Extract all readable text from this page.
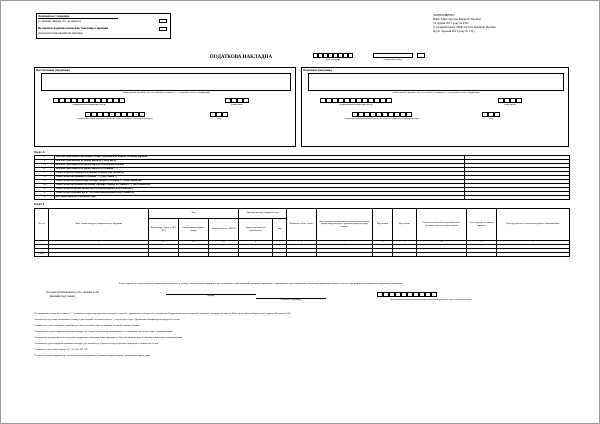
Залишається у продавця
(з ознаками «видана» або «не видана»)
Не підлягає наданню отримувачу (покупцю) з причини
(зазначається відповідний тип причини)
ЗАТВЕРДЖЕНО
Наказ Міністерства фінансів України
31 грудня 2015 року № 1307
(у редакції наказу Міністерства фінансів України
від 01 березня 2021 року № 131)
ПОДАТКОВА НАКЛАДНА	(дата складання)
/
(порядковий номер)
Постачальник (продавець)
(найменування; прізвище, ім'я, по батькові (за наявності) — для фізичної особи - підприємця)
(індивідуальний податковий номер)	(номер філії)
(податковий номер платника податку або серія (за наявності) та номер паспорта)	(код)
Отримувач (покупець)
(найменування; прізвище, ім'я, по батькові (за наявності) — для фізичної особи - підприємця)
(індивідуальний податковий номер)	(номер філії)
(податковий номер платника податку або серія (за наявності) та номер паспорта)	(код)
Розділ А
I	Загальна сума коштів, що підлягає сплаті з урахуванням податку на додану вартість	
II	Загальна сума податку на додану вартість, у тому числі:	
III	загальна сума податку на додану вартість за основною ставкою	
IV	загальна сума податку на додану вартість за ставкою 7 %	
V	Усього обсяги постачання за основною ставкою (код ставки 20)	
VI	Усього обсяги постачання за ставкою 7 % (код ставки 7)	
VII	Усього обсяги постачання при експорті товарів за ставкою 0 % (код ставки 901)	
VIII	Усього обсяги постачання на митній території України за ставкою 0 % (код ставки 902)	
IX	Усього обсяги операцій, звільнених від оподаткування (код ставки 903)	
X	Усього обсяги операцій, що не є об'єктом оподаткування (код ставки 902)	
XI	Дані щодо зворотної (заставної) тари	
Розділ Б
№ з/п	Опис (номенклатура) товарів/послуг продавця	Код			Одиниця виміру товару/послуги		Кількість (об'єм, обсяг)	Ціна постачання одиниці товару/послуги або ціна постачання одиниці товару/послуги без урахування податку на додану вартість	Код ставки	Код пільги	Обсяги постачання (база оподаткування) без урахування податку на додану вартість	Сума податку на додану вартість	Код виду діяльності сільськогосподарського товаровиробника
		Код товару згідно з УКТ ЗЕД	ознака імпортованого товару	послуги згідно з ДКПП	умовне позначення (українське)	код							
1	2	3.1	3.2	3.3	4	5	6	7	8	9	10	11	12

Всього													
Суми податку на додану вартість, нараховані (сплачені) у зв'язку з постачанням товарів/послуг, зазначених у цій накладній, визначені правильно, відповідають сумі податкових зобов'язань продавця і включені до реєстру виданих та отриманих податкових накладних.
Посадова (уповноважена) особа / фізична особа
(законний представник)	(підпис)
(ініціали та прізвище)	(реєстраційний номер облікової картки платника податків або серія та номер паспорта)
¹ У порядковому номері після символу "/" зазначаються коди ознак податкової накладної, складеної з урахуванням особливостей, передбачених Порядком заповнення податкової накладної, затвердженим наказом Міністерства фінансів України від 31 грудня 2015 року № 1307.
² Зазначається код ознаки імпортованого товару, а для операцій з постачання послуг — код послуги згідно з Державним класифікатором продукції та послуг.
³ Зазначається у разі постачання товарів/послуг, місце постачання яких розташоване на митній території України.
⁴ Заповнюється у разі складання податкової накладної на операції, звільнені від оподаткування, із зазначенням коду пільги згідно з Довідником пільг.
⁵ Зазначається код виду діяльності сільськогосподарського товаровиробника відповідно до Переліку видів діяльності сільськогосподарського товаровиробника.
⁶ Зазначається у разі складання податкової накладної, що включена до Єдиного реєстру податкових накладних із зазначенням ознаки "
⁷ Зазначається код ставки податку: 20, 7, 14, 901, 902, 903.
⁸ У разі постачання товарів/послуг, що підлягають оподаткуванню за різними ставками податку, заповнюються окремі рядки.
